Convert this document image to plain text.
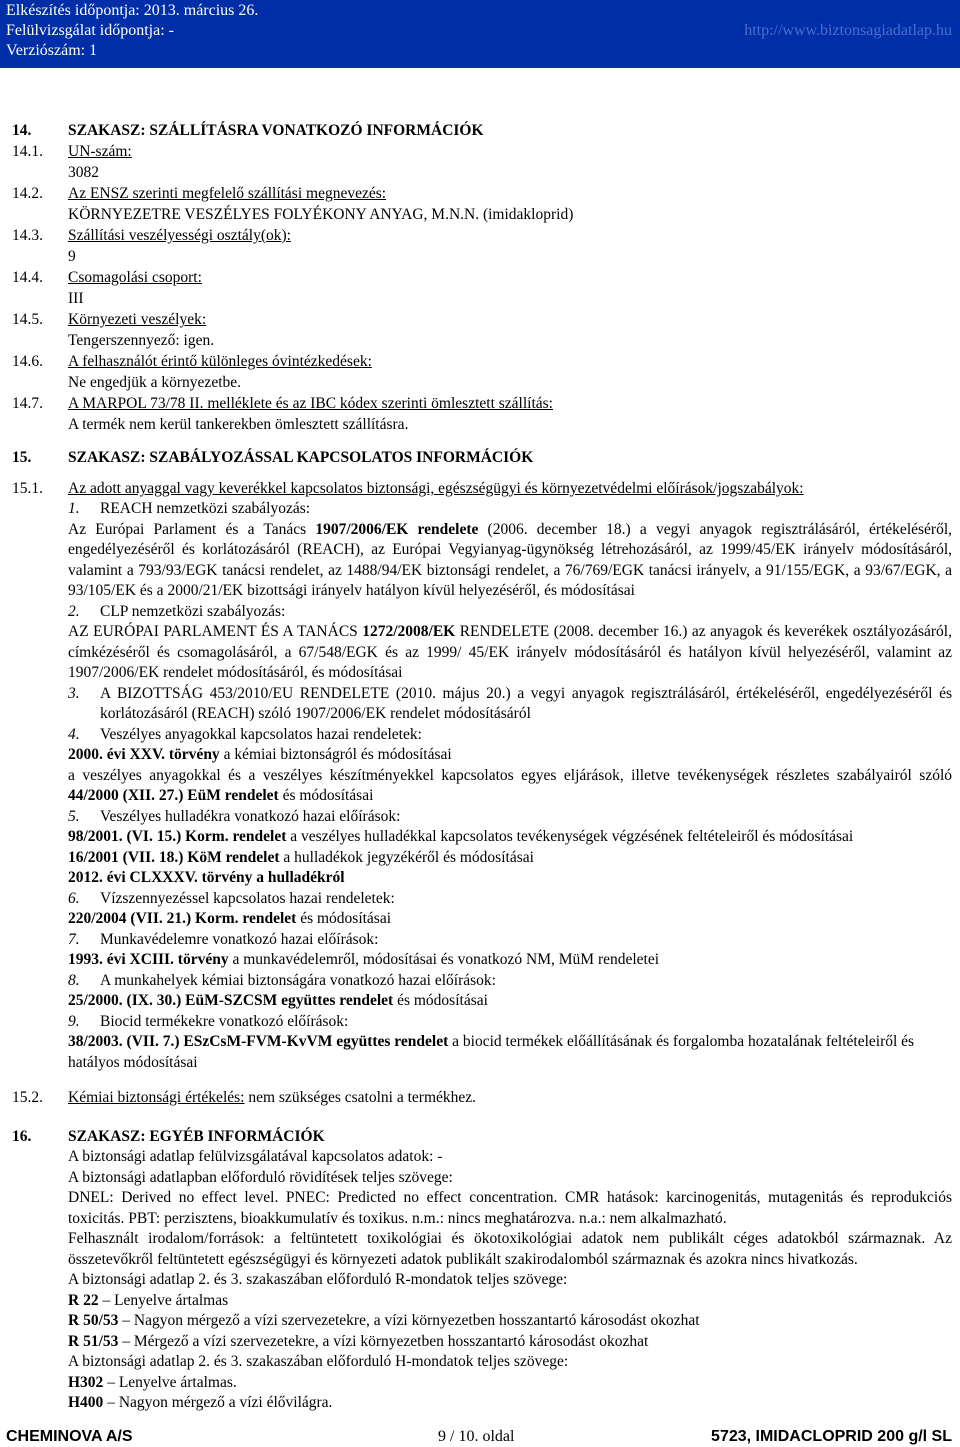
Elkészítés időpontja: 2013. március 26.
Felülvizsgálat időpontja: -
Verziószám: 1
http://www.biztonsagiadatlap.hu
14. SZAKASZ: SZÁLLÍTÁSRA VONATKOZÓ INFORMÁCIÓK
14.1. UN-szám:
3082
14.2. Az ENSZ szerinti megfelelő szállítási megnevezés:
KÖRNYEZETRE VESZÉLYES FOLYÉKONY ANYAG, M.N.N. (imidakloprid)
14.3. Szállítási veszélyességi osztály(ok):
9
14.4. Csomagolási csoport:
III
14.5. Környezeti veszélyek:
Tengerszennyező: igen.
14.6. A felhasználót érintő különleges óvintézkedések:
Ne engedjük a környezetbe.
14.7. A MARPOL 73/78 II. melléklete és az IBC kódex szerinti ömlesztett szállítás:
A termék nem kerül tankerekben ömlesztett szállításra.
15. SZAKASZ: SZABÁLYOZÁSSAL KAPCSOLATOS INFORMÁCIÓK
15.1. Az adott anyaggal vagy keverékkel kapcsolatos biztonsági, egészségügyi és környezetvédelmi előírások/jogszabályok:
1. REACH nemzetközi szabályozás:
Az Európai Parlament és a Tanács 1907/2006/EK rendelete (2006. december 18.) a vegyi anyagok regisztrálásáról, értékeléséről, engedélyezéséről és korlátozásáról (REACH), az Európai Vegyianyag-ügynökség létrehozásáról, az 1999/45/EK irányelv módosításáról, valamint a 793/93/EGK tanácsi rendelet, az 1488/94/EK biztonsági rendelet, a 76/769/EGK tanácsi irányelv, a 91/155/EGK, a 93/67/EGK, a 93/105/EK és a 2000/21/EK bizottsági irányelv hatályon kívül helyezéséről, és módosításai
2. CLP nemzetközi szabályozás:
AZ EURÓPAI PARLAMENT ÉS A TANÁCS 1272/2008/EK RENDELETE (2008. december 16.) az anyagok és keverékek osztályozásáról, címkézéséről és csomagolásáról, a 67/548/EGK és az 1999/ 45/EK irányelv módosításáról és hatályon kívül helyezéséről, valamint az 1907/2006/EK rendelet módosításáról, és módosításai
3. A BIZOTTSÁG 453/2010/EU RENDELETE (2010. május 20.) a vegyi anyagok regisztrálásáról, értékeléséről, engedélyezéséről és korlátozásáról (REACH) szóló 1907/2006/EK rendelet módosításáról
4. Veszélyes anyagokkal kapcsolatos hazai rendeletek:
2000. évi XXV. törvény a kémiai biztonságról és módosításai
a veszélyes anyagokkal és a veszélyes készítményekkel kapcsolatos egyes eljárások, illetve tevékenységek részletes szabályairól szóló 44/2000 (XII. 27.) EüM rendelet és módosításai
5. Veszélyes hulladékra vonatkozó hazai előírások:
98/2001. (VI. 15.) Korm. rendelet a veszélyes hulladékkal kapcsolatos tevékenységek végzésének feltételeiről és módosításai
16/2001 (VII. 18.) KöM rendelet a hulladékok jegyzékéről és módosításai
2012. évi CLXXXV. törvény a hulladékról
6. Vízszennyezéssel kapcsolatos hazai rendeletek:
220/2004 (VII. 21.) Korm. rendelet és módosításai
7. Munkavédelemre vonatkozó hazai előírások:
1993. évi XCIII. törvény a munkavédelemről, módosításai és vonatkozó NM, MüM rendeletei
8. A munkahelyek kémiai biztonságára vonatkozó hazai előírások:
25/2000. (IX. 30.) EüM-SZCSM együttes rendelet és módosításai
9. Biocid termékekre vonatkozó előírások:
38/2003. (VII. 7.) ESzCsM-FVM-KvVM együttes rendelet a biocid termékek előállításának és forgalomba hozatalának feltételeiről és hatályos módosításai
15.2. Kémiai biztonsági értékelés: nem szükséges csatolni a termékhez.
16. SZAKASZ: EGYÉB INFORMÁCIÓK
A biztonsági adatlap felülvizsgálatával kapcsolatos adatok: -
A biztonsági adatlapban előforduló rövidítések teljes szövege:
DNEL: Derived no effect level. PNEC: Predicted no effect concentration. CMR hatások: karcinogenitás, mutagenitás és reprodukciós toxicitás. PBT: perzisztens, bioakkumulatív és toxikus. n.m.: nincs meghatározva. n.a.: nem alkalmazható.
Felhasznált irodalom/források: a feltüntetett toxikológiai és ökotoxikológiai adatok nem publikált céges adatokból származnak. Az összetevőkről feltüntetett egészségügyi és környezeti adatok publikált szakirodalomból származnak és azokra nincs hivatkozás.
A biztonsági adatlap 2. és 3. szakaszában előforduló R-mondatok teljes szövege:
R 22 – Lenyelve ártalmas
R 50/53 – Nagyon mérgező a vízi szervezetekre, a vízi környezetben hosszantartó károsodást okozhat
R 51/53 – Mérgező a vízi szervezetekre, a vízi környezetben hosszantartó károsodást okozhat
A biztonsági adatlap 2. és 3. szakaszában előforduló H-mondatok teljes szövege:
H302 – Lenyelve ártalmas.
H400 – Nagyon mérgező a vízi élővilágra.
CHEMINOVA A/S	9 / 10. oldal	5723, IMIDACLOPRID 200 g/l SL
